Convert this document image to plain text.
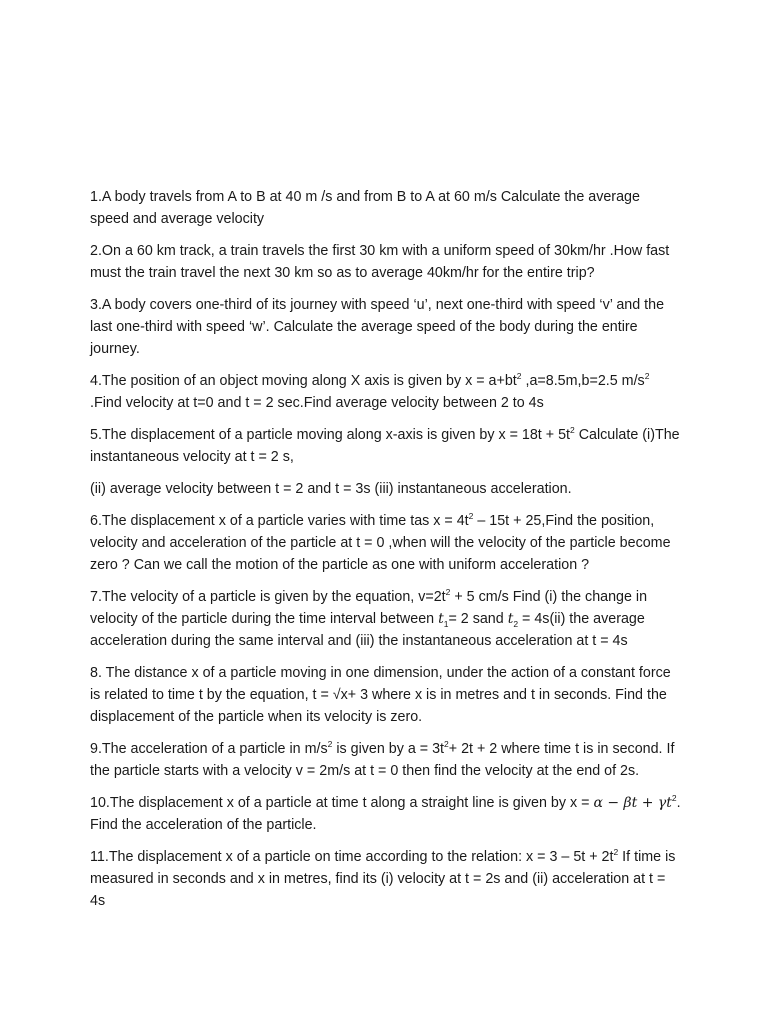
1.A body travels from A to B at 40 m /s and from B to A at 60 m/s Calculate the average speed and average velocity

2.On a 60 km track, a train travels the first 30 km with a uniform speed of 30km/hr .How fast must the train travel the next 30 km so as to average 40km/hr for the entire trip?

3.A body covers one-third of its journey with speed ‘u’, next one-third with speed ‘v’ and the last one-third with speed ‘w’. Calculate the average speed of the body during the entire journey.

4.The position of an object moving along X axis is given by $x = a+bt^2$ ,a=8.5m,b=2.5 $m/s^2$ .Find velocity at t=0 and t = 2 sec.Find average velocity between 2 to 4s

5.The displacement of a particle moving along x-axis is given by $x = 18t + 5t^2$ Calculate (i)The instantaneous velocity at t = 2 s,

(ii) average velocity between t = 2 and t = 3s (iii) instantaneous acceleration.

6.The displacement x of a particle varies with time tas $x = 4t^2 - 15t$ + 25,Find the position, velocity and acceleration of the particle at t = 0 ,when will the velocity of the particle become zero ? Can we call the motion of the particle as one with uniform acceleration ?

7.The velocity of a particle is given by the equation, $v=2t^2 + 5$ cm/s Find (i) the change in velocity of the particle during the time interval between $t_1= 2$ sand $t_2 = 4s(ii)$ the average acceleration during the same interval and (iii) the instantaneous acceleration at t = 4s

8. The distance x of a particle moving in one dimension, under the action of a constant force is related to time t by the equation, t = √x+ 3 where x is in metres and t in seconds. Find the displacement of the particle when its velocity is zero.

9.The acceleration of a particle in $m/s^2$ is given by $a = 3t^2+ 2t + 2$ where time t is in second. If the particle starts with a velocity v = 2m/s at t = 0 then find the velocity at the end of 2s.

10.The displacement x of a particle at time t along a straight line is given by $x = \alpha - \beta t + \gamma t^2$. Find the acceleration of the particle.

11.The displacement x of a particle on time according to the relation: $x = 3 - 5t + 2t^2$ If time is measured in seconds and x in metres, find its (i) velocity at t = 2s and (ii) acceleration at t = 4s
